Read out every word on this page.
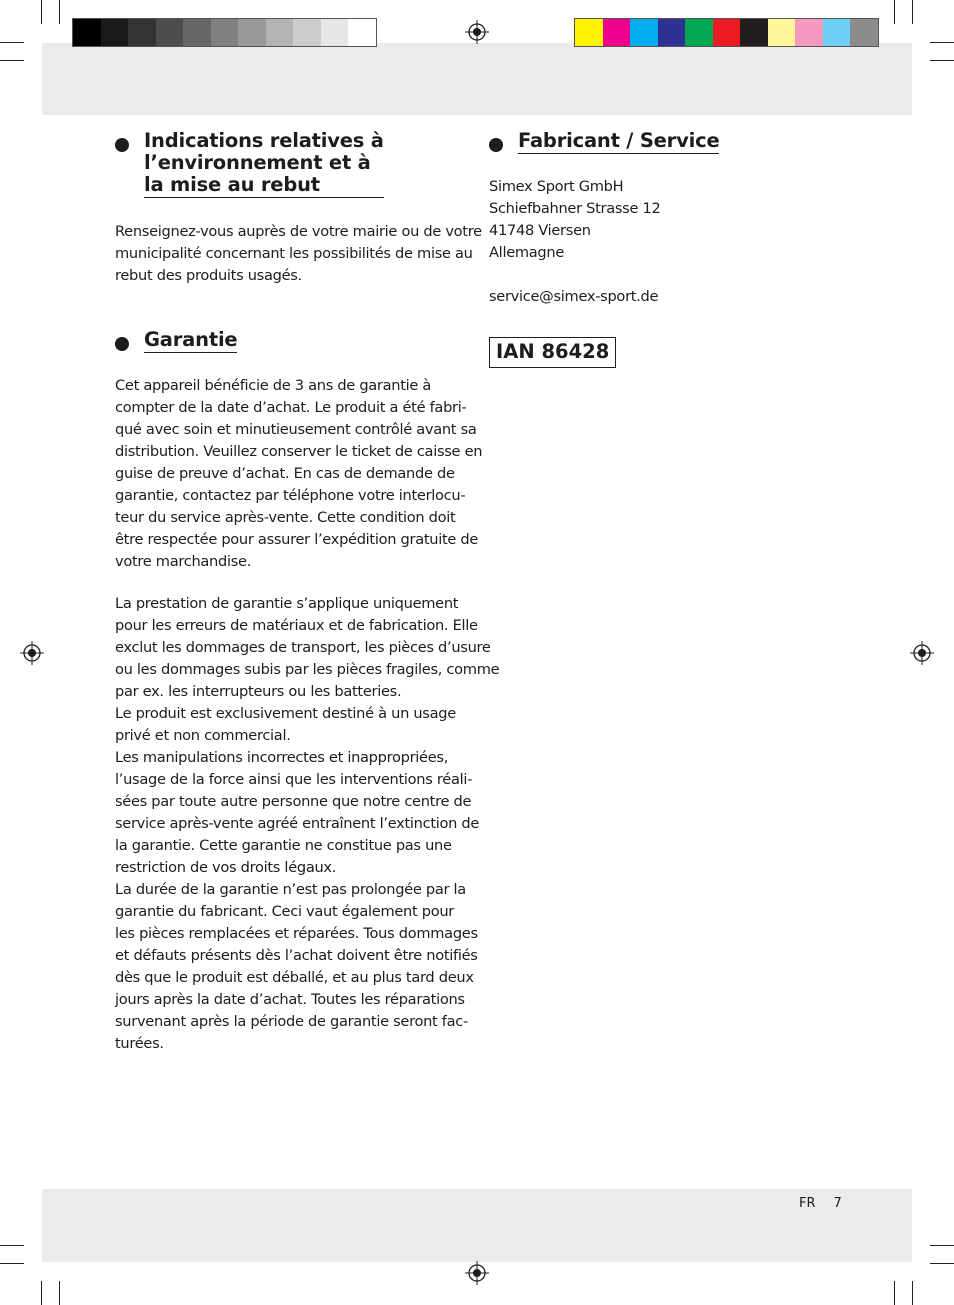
Indications relatives à
l’environnement et à
la mise au rebut

Renseignez-vous auprès de votre mairie ou de votre
municipalité concernant les possibilités de mise au
rebut des produits usagés.

Garantie

Cet appareil bénéficie de 3 ans de garantie à
compter de la date d’achat. Le produit a été fabri-
qué avec soin et minutieusement contrôlé avant sa
distribution. Veuillez conserver le ticket de caisse en
guise de preuve d’achat. En cas de demande de
garantie, contactez par téléphone votre interlocu-
teur du service après-vente. Cette condition doit
être respectée pour assurer l’expédition gratuite de
votre marchandise.

La prestation de garantie s’applique uniquement
pour les erreurs de matériaux et de fabrication. Elle
exclut les dommages de transport, les pièces d’usure
ou les dommages subis par les pièces fragiles, comme
par ex. les interrupteurs ou les batteries.
Le produit est exclusivement destiné à un usage
privé et non commercial.
Les manipulations incorrectes et inappropriées,
l’usage de la force ainsi que les interventions réali-
sées par toute autre personne que notre centre de
service après-vente agréé entraînent l’extinction de
la garantie. Cette garantie ne constitue pas une
restriction de vos droits légaux.
La durée de la garantie n’est pas prolongée par la
garantie du fabricant. Ceci vaut également pour
les pièces remplacées et réparées. Tous dommages
et défauts présents dès l’achat doivent être notifiés
dès que le produit est déballé, et au plus tard deux
jours après la date d’achat. Toutes les réparations
survenant après la période de garantie seront fac-
turées.

Fabricant / Service

Simex Sport GmbH
Schiefbahner Strasse 12
41748 Viersen
Allemagne

service@simex-sport.de

IAN 86428
FR 7
